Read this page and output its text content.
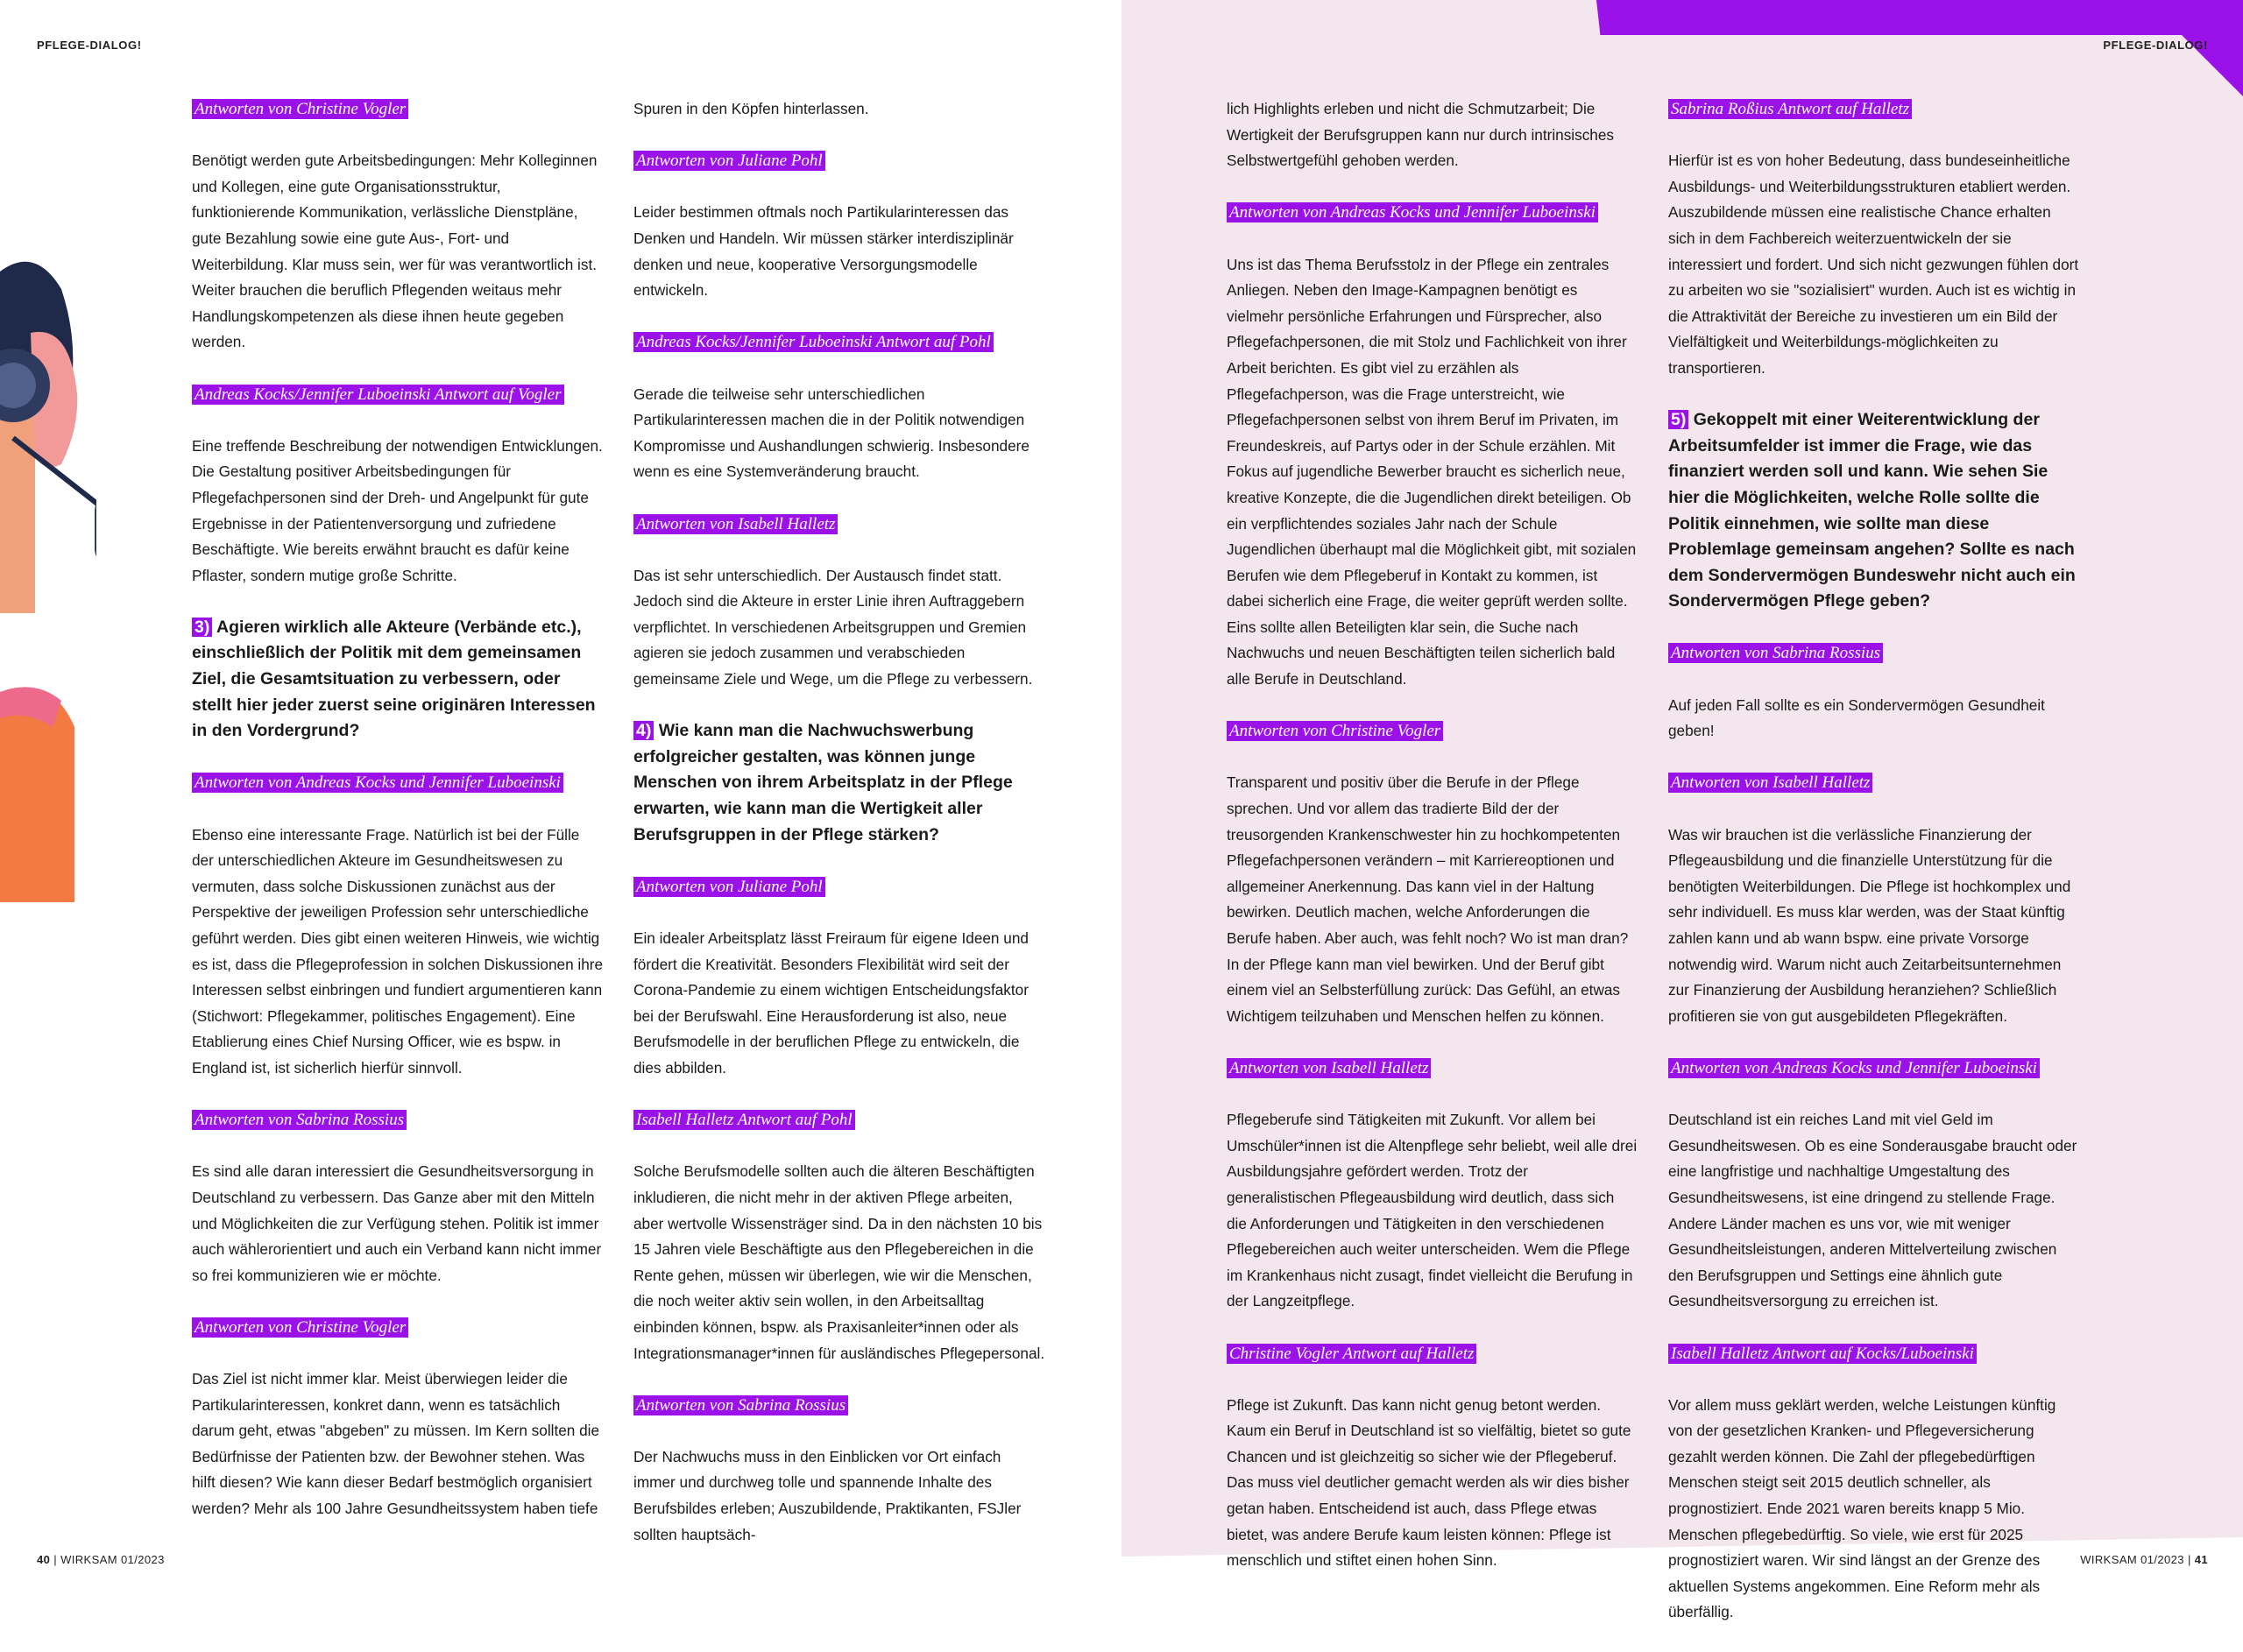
PFLEGE-DIALOG!	PFLEGE-DIALOG!
Antworten von Christine Vogler

Benötigt werden gute Arbeitsbedingungen: Mehr Kolleginnen und Kollegen, eine gute Organisationsstruktur, funktionierende Kommunikation, verlässliche Dienstpläne, gute Bezahlung sowie eine gute Aus-, Fort- und Weiterbildung. Klar muss sein, wer für was verantwortlich ist. Weiter brauchen die beruflich Pflegenden weitaus mehr Handlungskompetenzen als diese ihnen heute gegeben werden.

Andreas Kocks/Jennifer Luboeinski Antwort auf Vogler

Eine treffende Beschreibung der notwendigen Entwicklungen. Die Gestaltung positiver Arbeitsbedingungen für Pflegefachpersonen sind der Dreh- und Angelpunkt für gute Ergebnisse in der Patientenversorgung und zufriedene Beschäftigte. Wie bereits erwähnt braucht es dafür keine Pflaster, sondern mutige große Schritte.

3) Agieren wirklich alle Akteure (Verbände etc.), einschließlich der Politik mit dem gemeinsamen Ziel, die Gesamtsituation zu verbessern, oder stellt hier jeder zuerst seine originären Interessen in den Vordergrund?

Antworten von Andreas Kocks und Jennifer Luboeinski

Ebenso eine interessante Frage. Natürlich ist bei der Fülle der unterschiedlichen Akteure im Gesundheitswesen zu vermuten, dass solche Diskussionen zunächst aus der Perspektive der jeweiligen Profession sehr unterschiedliche geführt werden. Dies gibt einen weiteren Hinweis, wie wichtig es ist, dass die Pflegeprofession in solchen Diskussionen ihre Interessen selbst einbringen und fundiert argumentieren kann (Stichwort: Pflegekammer, politisches Engagement). Eine Etablierung eines Chief Nursing Officer, wie es bspw. in England ist, ist sicherlich hierfür sinnvoll.

Antworten von Sabrina Rossius

Es sind alle daran interessiert die Gesundheitsversorgung in Deutschland zu verbessern. Das Ganze aber mit den Mitteln und Möglichkeiten die zur Verfügung stehen. Politik ist immer auch wählerorientiert und auch ein Verband kann nicht immer so frei kommunizieren wie er möchte.

Antworten von Christine Vogler

Das Ziel ist nicht immer klar. Meist überwiegen leider die Partikularinteressen, konkret dann, wenn es tatsächlich darum geht, etwas "abgeben" zu müssen. Im Kern sollten die Bedürfnisse der Patienten bzw. der Bewohner stehen. Was hilft diesen? Wie kann dieser Bedarf bestmöglich organisiert werden? Mehr als 100 Jahre Gesundheitssystem haben tiefe

Spuren in den Köpfen hinterlassen.

Antworten von Juliane Pohl

Leider bestimmen oftmals noch Partikularinteressen das Denken und Handeln. Wir müssen stärker interdisziplinär denken und neue, kooperative Versorgungsmodelle entwickeln.

Andreas Kocks/Jennifer Luboeinski Antwort auf Pohl

Gerade die teilweise sehr unterschiedlichen Partikularinteressen machen die in der Politik notwendigen Kompromisse und Aushandlungen schwierig. Insbesondere wenn es eine Systemveränderung braucht.

Antworten von Isabell Halletz

Das ist sehr unterschiedlich. Der Austausch findet statt. Jedoch sind die Akteure in erster Linie ihren Auftraggebern verpflichtet. In verschiedenen Arbeitsgruppen und Gremien agieren sie jedoch zusammen und verabschieden gemeinsame Ziele und Wege, um die Pflege zu verbessern.

4) Wie kann man die Nachwuchswerbung erfolgreicher gestalten, was können junge Menschen von ihrem Arbeitsplatz in der Pflege erwarten, wie kann man die Wertigkeit aller Berufsgruppen in der Pflege stärken?

Antworten von Juliane Pohl

Ein idealer Arbeitsplatz lässt Freiraum für eigene Ideen und fördert die Kreativität. Besonders Flexibilität wird seit der Corona-Pandemie zu einem wichtigen Entscheidungsfaktor bei der Berufswahl. Eine Herausforderung ist also, neue Berufsmodelle in der beruflichen Pflege zu entwickeln, die dies abbilden.

Isabell Halletz Antwort auf Pohl

Solche Berufsmodelle sollten auch die älteren Beschäftigten inkludieren, die nicht mehr in der aktiven Pflege arbeiten, aber wertvolle Wissensträger sind. Da in den nächsten 10 bis 15 Jahren viele Beschäftigte aus den Pflegebereichen in die Rente gehen, müssen wir überlegen, wie wir die Menschen, die noch weiter aktiv sein wollen, in den Arbeitsalltag einbinden können, bspw. als Praxisanleiter*innen oder als Integrationsmanager*innen für ausländisches Pflegepersonal.

Antworten von Sabrina Rossius

Der Nachwuchs muss in den Einblicken vor Ort einfach immer und durchweg tolle und spannende Inhalte des Berufsbildes erleben; Auszubildende, Praktikanten, FSJler sollten hauptsäch-

lich Highlights erleben und nicht die Schmutzarbeit; Die Wertigkeit der Berufsgruppen kann nur durch intrinsisches Selbstwertgefühl gehoben werden.

Antworten von Andreas Kocks und Jennifer Luboeinski

Uns ist das Thema Berufsstolz in der Pflege ein zentrales Anliegen. Neben den Image-Kampagnen benötigt es vielmehr persönliche Erfahrungen und Fürsprecher, also Pflegefachpersonen, die mit Stolz und Fachlichkeit von ihrer Arbeit berichten. Es gibt viel zu erzählen als Pflegefachperson, was die Frage unterstreicht, wie Pflegefachpersonen selbst von ihrem Beruf im Privaten, im Freundeskreis, auf Partys oder in der Schule erzählen. Mit Fokus auf jugendliche Bewerber braucht es sicherlich neue, kreative Konzepte, die die Jugendlichen direkt beteiligen. Ob ein verpflichtendes soziales Jahr nach der Schule Jugendlichen überhaupt mal die Möglichkeit gibt, mit sozialen Berufen wie dem Pflegeberuf in Kontakt zu kommen, ist dabei sicherlich eine Frage, die weiter geprüft werden sollte. Eins sollte allen Beteiligten klar sein, die Suche nach Nachwuchs und neuen Beschäftigten teilen sicherlich bald alle Berufe in Deutschland.

Antworten von Christine Vogler

Transparent und positiv über die Berufe in der Pflege sprechen. Und vor allem das tradierte Bild der der treusorgenden Krankenschwester hin zu hochkompetenten Pflegefachpersonen verändern – mit Karriereoptionen und allgemeiner Anerkennung. Das kann viel in der Haltung bewirken. Deutlich machen, welche Anforderungen die Berufe haben. Aber auch, was fehlt noch? Wo ist man dran? In der Pflege kann man viel bewirken. Und der Beruf gibt einem viel an Selbsterfüllung zurück: Das Gefühl, an etwas Wichtigem teilzuhaben und Menschen helfen zu können.

Antworten von Isabell Halletz

Pflegeberufe sind Tätigkeiten mit Zukunft. Vor allem bei Umschüler*innen ist die Altenpflege sehr beliebt, weil alle drei Ausbildungsjahre gefördert werden. Trotz der generalistischen Pflegeausbildung wird deutlich, dass sich die Anforderungen und Tätigkeiten in den verschiedenen Pflegebereichen auch weiter unterscheiden. Wem die Pflege im Krankenhaus nicht zusagt, findet vielleicht die Berufung in der Langzeitpflege.

Christine Vogler Antwort auf Halletz

Pflege ist Zukunft. Das kann nicht genug betont werden. Kaum ein Beruf in Deutschland ist so vielfältig, bietet so gute Chancen und ist gleichzeitig so sicher wie der Pflegeberuf. Das muss viel deutlicher gemacht werden als wir dies bisher getan haben. Entscheidend ist auch, dass Pflege etwas bietet, was andere Berufe kaum leisten können: Pflege ist menschlich und stiftet einen hohen Sinn.

Sabrina Roßius Antwort auf Halletz

Hierfür ist es von hoher Bedeutung, dass bundeseinheitliche Ausbildungs- und Weiterbildungsstrukturen etabliert werden. Auszubildende müssen eine realistische Chance erhalten sich in dem Fachbereich weiterzuentwickeln der sie interessiert und fordert. Und sich nicht gezwungen fühlen dort zu arbeiten wo sie "sozialisiert" wurden. Auch ist es wichtig in die Attraktivität der Bereiche zu investieren um ein Bild der Vielfältigkeit und Weiterbildungs-möglichkeiten zu transportieren.

5) Gekoppelt mit einer Weiterentwicklung der Arbeitsumfelder ist immer die Frage, wie das finanziert werden soll und kann. Wie sehen Sie hier die Möglichkeiten, welche Rolle sollte die Politik einnehmen, wie sollte man diese Problemlage gemeinsam angehen? Sollte es nach dem Sondervermögen Bundeswehr nicht auch ein Sondervermögen Pflege geben?

Antworten von Sabrina Rossius

Auf jeden Fall sollte es ein Sondervermögen Gesundheit geben!

Antworten von Isabell Halletz

Was wir brauchen ist die verlässliche Finanzierung der Pflegeausbildung und die finanzielle Unterstützung für die benötigten Weiterbildungen. Die Pflege ist hochkomplex und sehr individuell. Es muss klar werden, was der Staat künftig zahlen kann und ab wann bspw. eine private Vorsorge notwendig wird. Warum nicht auch Zeitarbeitsunternehmen zur Finanzierung der Ausbildung heranziehen? Schließlich profitieren sie von gut ausgebildeten Pflegekräften.

Antworten von Andreas Kocks und Jennifer Luboeinski

Deutschland ist ein reiches Land mit viel Geld im Gesundheitswesen. Ob es eine Sonderausgabe braucht oder eine langfristige und nachhaltige Umgestaltung des Gesundheitswesens, ist eine dringend zu stellende Frage. Andere Länder machen es uns vor, wie mit weniger Gesundheitsleistungen, anderen Mittelverteilung zwischen den Berufsgruppen und Settings eine ähnlich gute Gesundheitsversorgung zu erreichen ist.

Isabell Halletz Antwort auf Kocks/Luboeinski

Vor allem muss geklärt werden, welche Leistungen künftig von der gesetzlichen Kranken- und Pflegeversicherung gezahlt werden können. Die Zahl der pflegebedürftigen Menschen steigt seit 2015 deutlich schneller, als prognostiziert. Ende 2021 waren bereits knapp 5 Mio. Menschen pflegebedürftig. So viele, wie erst für 2025 prognostiziert waren. Wir sind längst an der Grenze des aktuellen Systems angekommen. Eine Reform mehr als überfällig.

40 | WIRKSAM 01/2023	WIRKSAM 01/2023 | 41
